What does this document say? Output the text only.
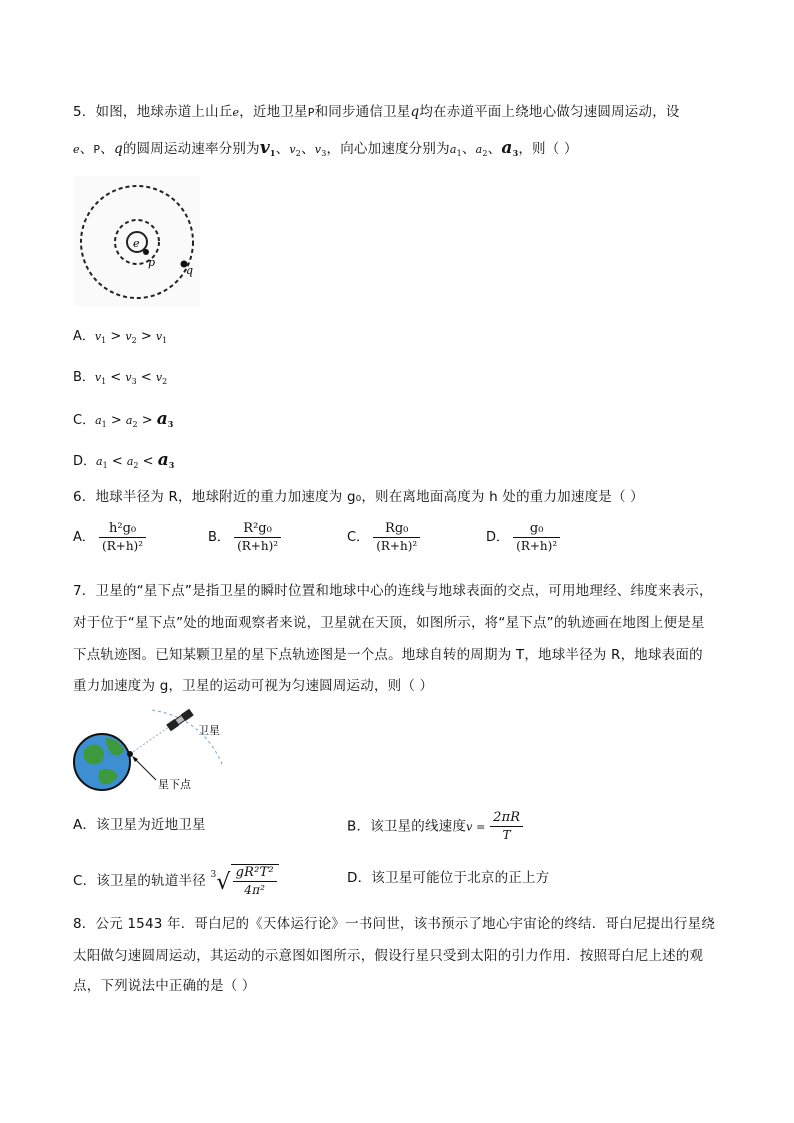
5．如图，地球赤道上山丘e，近地卫星P和同步通信卫星q均在赤道平面上绕地心做匀速圆周运动，设
e、P、q的圆周运动速率分别为$v_1$、$v_2$、$v_3$，向心加速度分别为$a_1$、$a_2$、$a_3$，则（ ）
e
p
q
A．$v_1 > v_2 > v_1$
B．$v_1 < v_3 < v_2$
C．$a_1 > a_2 > a_3$
D．$a_1 < a_2 < a_3$
6．地球半径为 R，地球附近的重力加速度为 g₀，则在离地面高度为 h 处的重力加速度是（ ）
A． $\frac{\text{h²g₀}}{\text{(R+h)²}}$	B． $\frac{\text{R²g₀}}{\text{(R+h)²}}$	C． $\frac{\text{Rg₀}}{\text{(R+h)²}}$	D． $\frac{\text{g₀}}{\text{(R+h)²}}$
7．卫星的“星下点”是指卫星的瞬时位置和地球中心的连线与地球表面的交点，可用地理经、纬度来表示，
对于位于“星下点”处的地面观察者来说，卫星就在天顶，如图所示，将“星下点”的轨迹画在地图上便是星
下点轨迹图。已知某颗卫星的星下点轨迹图是一个点。地球自转的周期为 T，地球半径为 R，地球表面的
重力加速度为 g，卫星的运动可视为匀速圆周运动，则（ ）
卫星
星下点
A．该卫星为近地卫星	B．该卫星的线速度$v = \frac{2\pi R}{T}$
C．该卫星的轨道半径 $^3√ \frac{\text{gR²T²}}{\text{4π²}}$	D．该卫星可能位于北京的正上方
8．公元 1543 年．哥白尼的《天体运行论》一书问世，该书预示了地心宇宙论的终结．哥白尼提出行星绕
太阳做匀速圆周运动，其运动的示意图如图所示，假设行星只受到太阳的引力作用．按照哥白尼上述的观
点，下列说法中正确的是（ ）
